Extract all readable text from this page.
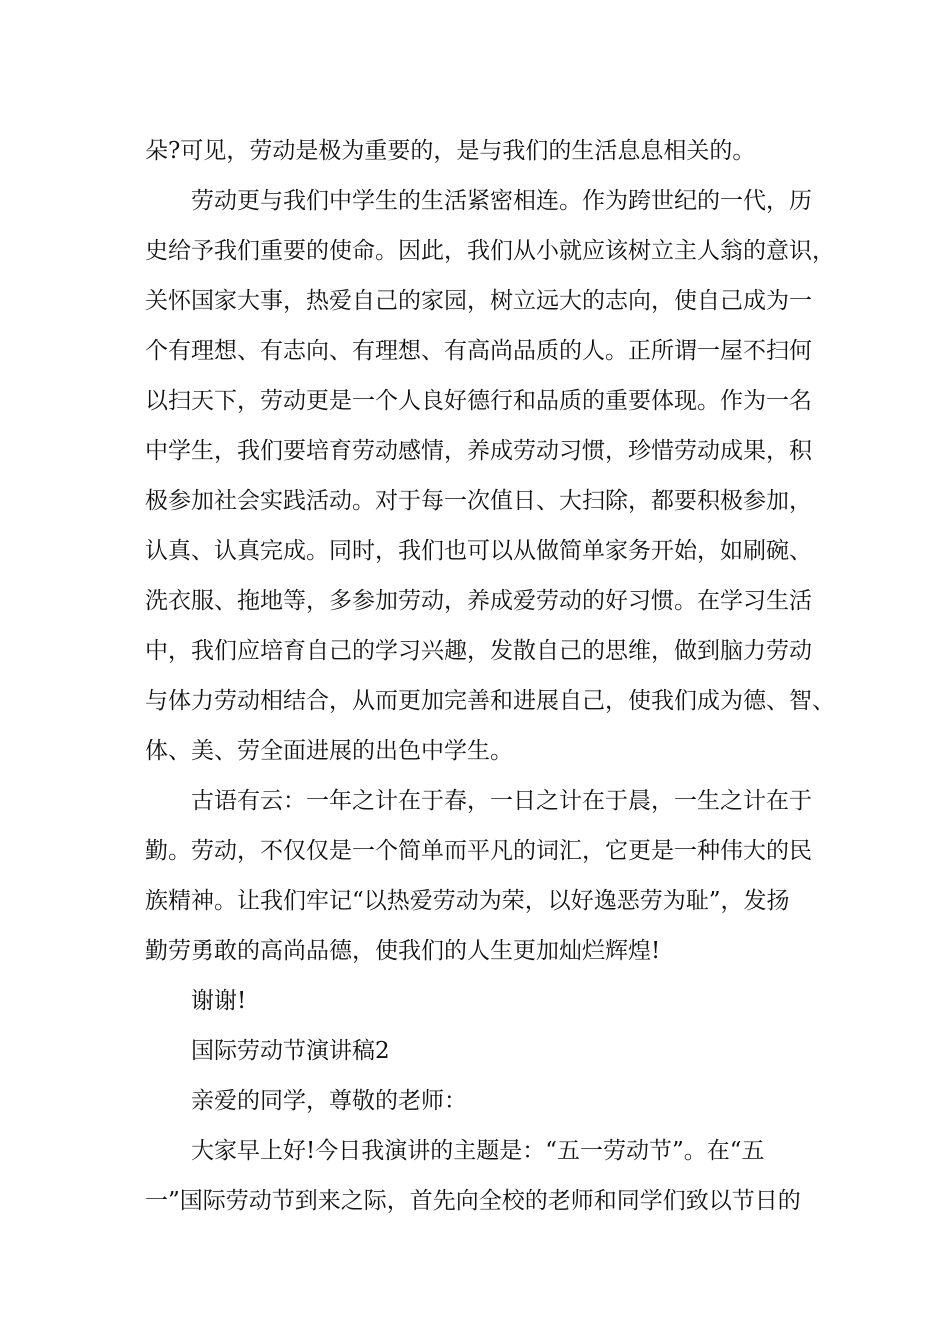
朵?可见，劳动是极为重要的，是与我们的生活息息相关的。

劳动更与我们中学生的生活紧密相连。作为跨世纪的一代，历

史给予我们重要的使命。因此，我们从小就应该树立主人翁的意识，

关怀国家大事，热爱自己的家园，树立远大的志向，使自己成为一

个有理想、有志向、有理想、有高尚品质的人。正所谓一屋不扫何

以扫天下，劳动更是一个人良好德行和品质的重要体现。作为一名

中学生，我们要培育劳动感情，养成劳动习惯，珍惜劳动成果，积

极参加社会实践活动。对于每一次值日、大扫除，都要积极参加，

认真、认真完成。同时，我们也可以从做简单家务开始，如刷碗、

洗衣服、拖地等，多参加劳动，养成爱劳动的好习惯。在学习生活

中，我们应培育自己的学习兴趣，发散自己的思维，做到脑力劳动

与体力劳动相结合，从而更加完善和进展自己，使我们成为德、智、

体、美、劳全面进展的出色中学生。

古语有云：一年之计在于春，一日之计在于晨，一生之计在于

勤。劳动，不仅仅是一个简单而平凡的词汇，它更是一种伟大的民

族精神。让我们牢记“以热爱劳动为荣，以好逸恶劳为耻”，发扬

勤劳勇敢的高尚品德，使我们的人生更加灿烂辉煌!

谢谢!

国际劳动节演讲稿2

亲爱的同学，尊敬的老师：

大家早上好!今日我演讲的主题是：“五一劳动节”。在“五

一”国际劳动节到来之际，首先向全校的老师和同学们致以节日的
